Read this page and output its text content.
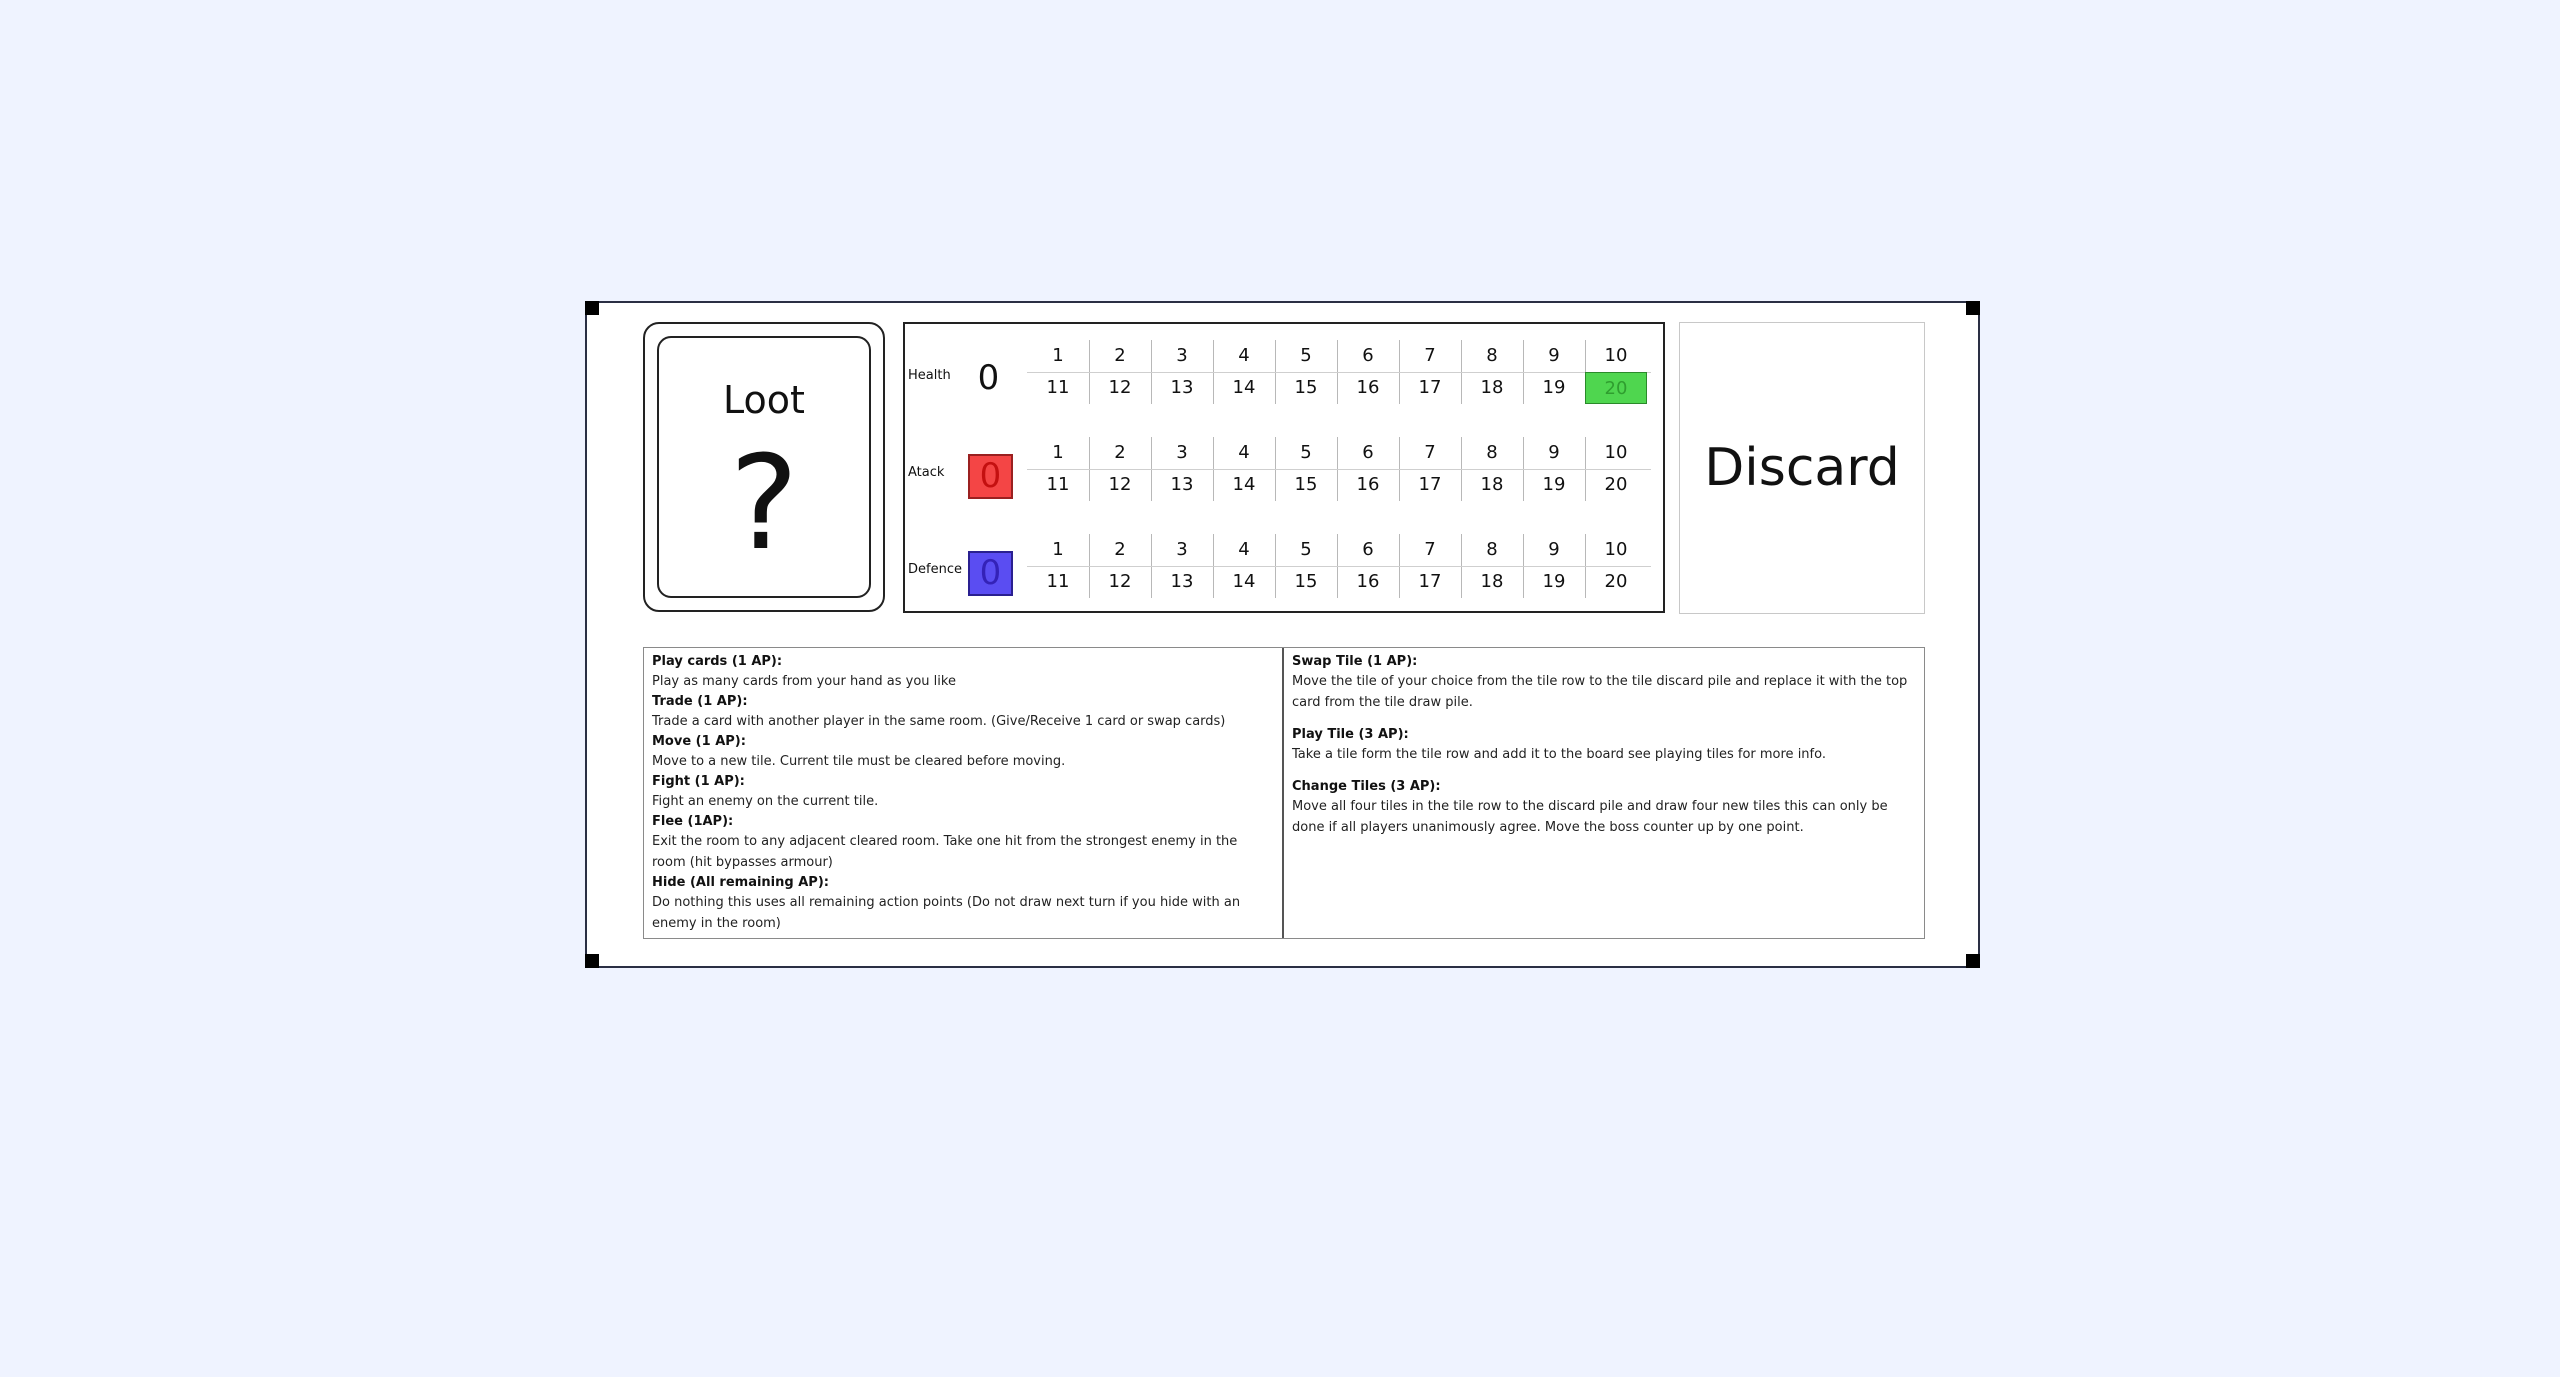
Loot
?
Health 0
1	2	3	4	5	6	7	8	9	10
11	12	13	14	15	16	17	18	19	20
Atack	0
1	2	3	4	5	6	7	8	9	10
11	12	13	14	15	16	17	18	19	20
Defence 0
1	2	3	4	5	6	7	8	9	10
11	12	13	14	15	16	17	18	19	20
Discard
Play cards (1 AP):
Play as many cards from your hand as you like
Trade (1 AP):
Trade a card with another player in the same room. (Give/Receive 1 card or swap cards)
Move (1 AP):
Move to a new tile. Current tile must be cleared before moving.
Fight (1 AP):
Fight an enemy on the current tile.
Flee (1AP):
Exit the room to any adjacent cleared room. Take one hit from the strongest enemy in the room (hit bypasses armour)
Hide (All remaining AP):
Do nothing this uses all remaining action points (Do not draw next turn if you hide with an enemy in the room)
Swap Tile (1 AP):
Move the tile of your choice from the tile row to the tile discard pile and replace it with the top card from the tile draw pile.
Play Tile (3 AP):
Take a tile form the tile row and add it to the board see playing tiles for more info.
Change Tiles (3 AP):
Move all four tiles in the tile row to the discard pile and draw four new tiles this can only be done if all players unanimously agree. Move the boss counter up by one point.
